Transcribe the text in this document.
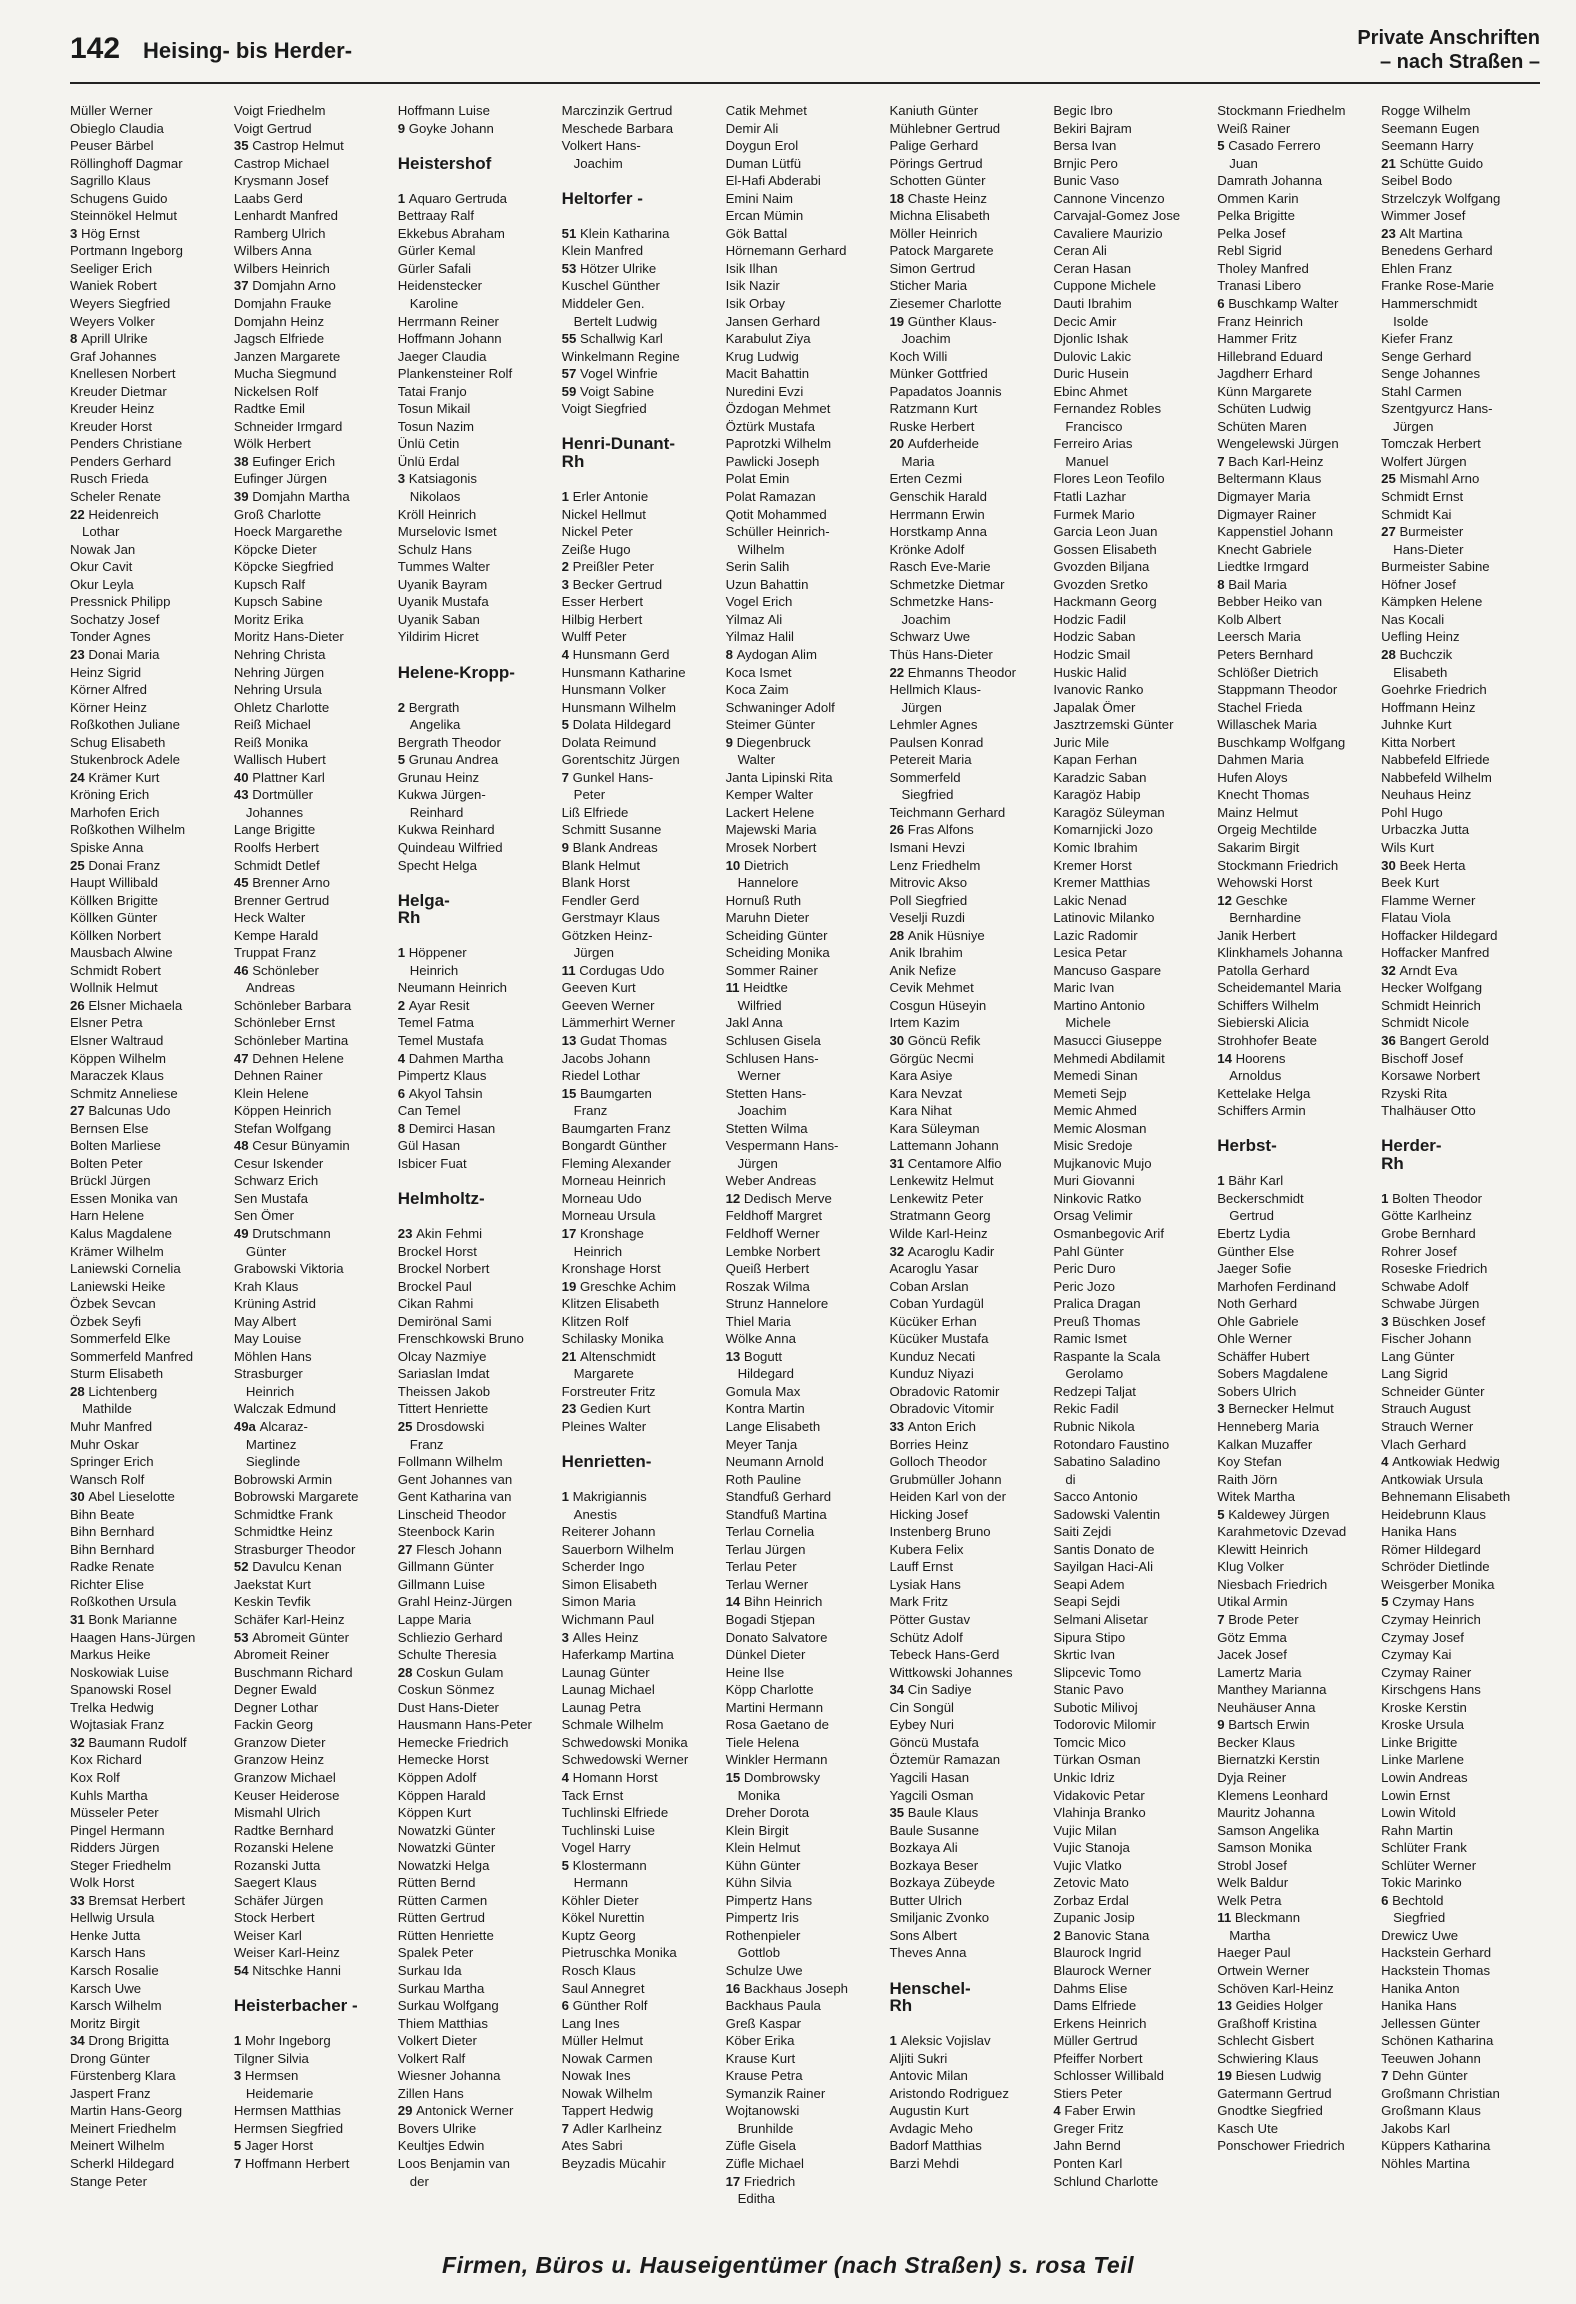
142 Heising- bis Herder-	Private Anschriften
– nach Straßen –
Müller Werner
Obieglo Claudia
Peuser Bärbel
Röllinghoff Dagmar
Sagrillo Klaus
Schugens Guido
Steinnökel Helmut
3 Hög Ernst
Portmann Ingeborg
Seeliger Erich
Waniek Robert
Weyers Siegfried
Weyers Volker
8 Aprill Ulrike
Graf Johannes
Knellesen Norbert
Kreuder Dietmar
Kreuder Heinz
Kreuder Horst
Penders Christiane
Penders Gerhard
Rusch Frieda
Scheler Renate
22 Heidenreich
Lothar
Nowak Jan
Okur Cavit
Okur Leyla
Pressnick Philipp
Sochatzy Josef
Tonder Agnes
23 Donai Maria
Heinz Sigrid
Körner Alfred
Körner Heinz
Roßkothen Juliane
Schug Elisabeth
Stukenbrock Adele
24 Krämer Kurt
Kröning Erich
Marhofen Erich
Roßkothen Wilhelm
Spiske Anna
25 Donai Franz
Haupt Willibald
Köllken Brigitte
Köllken Günter
Köllken Norbert
Mausbach Alwine
Schmidt Robert
Wollnik Helmut
26 Elsner Michaela
Elsner Petra
Elsner Waltraud
Köppen Wilhelm
Maraczek Klaus
Schmitz Anneliese
27 Balcunas Udo
Bernsen Else
Bolten Marliese
Bolten Peter
Brückl Jürgen
Essen Monika van
Harn Helene
Kalus Magdalene
Krämer Wilhelm
Laniewski Cornelia
Laniewski Heike
Özbek Sevcan
Özbek Seyfi
Sommerfeld Elke
Sommerfeld Manfred
Sturm Elisabeth
28 Lichtenberg
Mathilde
Muhr Manfred
Muhr Oskar
Springer Erich
Wansch Rolf
30 Abel Lieselotte
Bihn Beate
Bihn Bernhard
Bihn Bernhard
Radke Renate
Richter Elise
Roßkothen Ursula
31 Bonk Marianne
Haagen Hans-Jürgen
Markus Heike
Noskowiak Luise
Spanowski Rosel
Trelka Hedwig
Wojtasiak Franz
32 Baumann Rudolf
Kox Richard
Kox Rolf
Kuhls Martha
Müsseler Peter
Pingel Hermann
Ridders Jürgen
Steger Friedhelm
Wolk Horst
33 Bremsat Herbert
Hellwig Ursula
Henke Jutta
Karsch Hans
Karsch Rosalie
Karsch Uwe
Karsch Wilhelm
Moritz Birgit
34 Drong Brigitta
Drong Günter
Fürstenberg Klara
Jaspert Franz
Martin Hans-Georg
Meinert Friedhelm
Meinert Wilhelm
Scherkl Hildegard
Stange Peter
Voigt Friedhelm
Voigt Gertrud
35 Castrop Helmut
Castrop Michael
Krysmann Josef
Laabs Gerd
Lenhardt Manfred
Ramberg Ulrich
Wilbers Anna
Wilbers Heinrich
37 Domjahn Arno
Domjahn Frauke
Domjahn Heinz
Jagsch Elfriede
Janzen Margarete
Mucha Siegmund
Nickelsen Rolf
Radtke Emil
Schneider Irmgard
Wölk Herbert
38 Eufinger Erich
Eufinger Jürgen
39 Domjahn Martha
Groß Charlotte
Hoeck Margarethe
Köpcke Dieter
Köpcke Siegfried
Kupsch Ralf
Kupsch Sabine
Moritz Erika
Moritz Hans-Dieter
Nehring Christa
Nehring Jürgen
Nehring Ursula
Ohletz Charlotte
Reiß Michael
Reiß Monika
Wallisch Hubert
40 Plattner Karl
43 Dortmüller
Johannes
Lange Brigitte
Roolfs Herbert
Schmidt Detlef
45 Brenner Arno
Brenner Gertrud
Heck Walter
Kempe Harald
Truppat Franz
46 Schönleber
Andreas
Schönleber Barbara
Schönleber Ernst
Schönleber Martina
47 Dehnen Helene
Dehnen Rainer
Klein Helene
Köppen Heinrich
Stefan Wolfgang
48 Cesur Bünyamin
Cesur Iskender
Schwarz Erich
Sen Mustafa
Sen Ömer
49 Drutschmann
Günter
Grabowski Viktoria
Krah Klaus
Krüning Astrid
May Albert
May Louise
Möhlen Hans
Strasburger
Heinrich
Walczak Edmund
49a Alcaraz-
Martinez
Sieglinde
Bobrowski Armin
Bobrowski Margarete
Schmidtke Frank
Schmidtke Heinz
Strasburger Theodor
52 Davulcu Kenan
Jaekstat Kurt
Keskin Tevfik
Schäfer Karl-Heinz
53 Abromeit Günter
Abromeit Reiner
Buschmann Richard
Degner Ewald
Degner Lothar
Fackin Georg
Granzow Dieter
Granzow Heinz
Granzow Michael
Keuser Heiderose
Mismahl Ulrich
Radtke Bernhard
Rozanski Helene
Rozanski Jutta
Saegert Klaus
Schäfer Jürgen
Stock Herbert
Weiser Karl
Weiser Karl-Heinz
54 Nitschke Hanni
Heisterbacher -
1 Mohr Ingeborg
Tilgner Silvia
3 Hermsen
Heidemarie
Hermsen Matthias
Hermsen Siegfried
5 Jager Horst
7 Hoffmann Herbert
Hoffmann Luise
9 Goyke Johann
Heistershof
1 Aquaro Gertruda
Bettraay Ralf
Ekkebus Abraham
Gürler Kemal
Gürler Safali
Heidenstecker
Karoline
Herrmann Reiner
Hoffmann Johann
Jaeger Claudia
Plankensteiner Rolf
Tatai Franjo
Tosun Mikail
Tosun Nazim
Ünlü Cetin
Ünlü Erdal
3 Katsiagonis
Nikolaos
Kröll Heinrich
Murselovic Ismet
Schulz Hans
Tummes Walter
Uyanik Bayram
Uyanik Mustafa
Uyanik Saban
Yildirim Hicret
Helene-Kropp-
2 Bergrath
Angelika
Bergrath Theodor
5 Grunau Andrea
Grunau Heinz
Kukwa Jürgen-
Reinhard
Kukwa Reinhard
Quindeau Wilfried
Specht Helga
Helga-
Rh
1 Höppener
Heinrich
Neumann Heinrich
2 Ayar Resit
Temel Fatma
Temel Mustafa
4 Dahmen Martha
Pimpertz Klaus
6 Akyol Tahsin
Can Temel
8 Demirci Hasan
Gül Hasan
Isbicer Fuat
Helmholtz-
23 Akin Fehmi
Brockel Horst
Brockel Norbert
Brockel Paul
Cikan Rahmi
Demirönal Sami
Frenschkowski Bruno
Olcay Nazmiye
Sariaslan Imdat
Theissen Jakob
Tittert Henriette
25 Drosdowski
Franz
Follmann Wilhelm
Gent Johannes van
Gent Katharina van
Linscheid Theodor
Steenbock Karin
27 Flesch Johann
Gillmann Günter
Gillmann Luise
Grahl Heinz-Jürgen
Lappe Maria
Schliezio Gerhard
Schulte Theresia
28 Coskun Gulam
Coskun Sönmez
Dust Hans-Dieter
Hausmann Hans-Peter
Hemecke Friedrich
Hemecke Horst
Köppen Adolf
Köppen Harald
Köppen Kurt
Nowatzki Günter
Nowatzki Günter
Nowatzki Helga
Rütten Bernd
Rütten Carmen
Rütten Gertrud
Rütten Henriette
Spalek Peter
Surkau Ida
Surkau Martha
Surkau Wolfgang
Thiem Matthias
Volkert Dieter
Volkert Ralf
Wiesner Johanna
Zillen Hans
29 Antonick Werner
Bovers Ulrike
Keultjes Edwin
Loos Benjamin van
der
Marczinzik Gertrud
Meschede Barbara
Volkert Hans-
Joachim
Heltorfer -
51 Klein Katharina
Klein Manfred
53 Hötzer Ulrike
Kuschel Günther
Middeler Gen.
Bertelt Ludwig
55 Schallwig Karl
Winkelmann Regine
57 Vogel Winfrie
59 Voigt Sabine
Voigt Siegfried
Henri-Dunant-
Rh
1 Erler Antonie
Nickel Hellmut
Nickel Peter
Zeiße Hugo
2 Preißler Peter
3 Becker Gertrud
Esser Herbert
Hilbig Herbert
Wulff Peter
4 Hunsmann Gerd
Hunsmann Katharine
Hunsmann Volker
Hunsmann Wilhelm
5 Dolata Hildegard
Dolata Reimund
Gorentschitz Jürgen
7 Gunkel Hans-
Peter
Liß Elfriede
Schmitt Susanne
9 Blank Andreas
Blank Helmut
Blank Horst
Fendler Gerd
Gerstmayr Klaus
Götzken Heinz-
Jürgen
11 Cordugas Udo
Geeven Kurt
Geeven Werner
Lämmerhirt Werner
13 Gudat Thomas
Jacobs Johann
Riedel Lothar
15 Baumgarten
Franz
Baumgarten Franz
Bongardt Günther
Fleming Alexander
Morneau Heinrich
Morneau Udo
Morneau Ursula
17 Kronshage
Heinrich
Kronshage Horst
19 Greschke Achim
Klitzen Elisabeth
Klitzen Rolf
Schilasky Monika
21 Altenschmidt
Margarete
Forstreuter Fritz
23 Gedien Kurt
Pleines Walter
Henrietten-
1 Makrigiannis
Anestis
Reiterer Johann
Sauerborn Wilhelm
Scherder Ingo
Simon Elisabeth
Simon Maria
Wichmann Paul
3 Alles Heinz
Haferkamp Martina
Launag Günter
Launag Michael
Launag Petra
Schmale Wilhelm
Schwedowski Monika
Schwedowski Werner
4 Homann Horst
Tack Ernst
Tuchlinski Elfriede
Tuchlinski Luise
Vogel Harry
5 Klostermann
Hermann
Köhler Dieter
Kökel Nurettin
Kuptz Georg
Pietruschka Monika
Rosch Klaus
Saul Annegret
6 Günther Rolf
Lang Ines
Müller Helmut
Nowak Carmen
Nowak Ines
Nowak Wilhelm
Tappert Hedwig
7 Adler Karlheinz
Ates Sabri
Beyzadis Mücahir
Catik Mehmet
Demir Ali
Doygun Erol
Duman Lütfü
El-Hafi Abderabi
Emini Naim
Ercan Mümin
Gök Battal
Hörnemann Gerhard
Isik Ilhan
Isik Nazir
Isik Orbay
Jansen Gerhard
Karabulut Ziya
Krug Ludwig
Macit Bahattin
Nuredini Evzi
Özdogan Mehmet
Öztürk Mustafa
Paprotzki Wilhelm
Pawlicki Joseph
Polat Emin
Polat Ramazan
Qotit Mohammed
Schüller Heinrich-
Wilhelm
Serin Salih
Uzun Bahattin
Vogel Erich
Yilmaz Ali
Yilmaz Halil
8 Aydogan Alim
Koca Ismet
Koca Zaim
Schwaninger Adolf
Steimer Günter
9 Diegenbruck
Walter
Janta Lipinski Rita
Kemper Walter
Lackert Helene
Majewski Maria
Mrosek Norbert
10 Dietrich
Hannelore
Hornuß Ruth
Maruhn Dieter
Scheiding Günter
Scheiding Monika
Sommer Rainer
11 Heidtke
Wilfried
Jakl Anna
Schlusen Gisela
Schlusen Hans-
Werner
Stetten Hans-
Joachim
Stetten Wilma
Vespermann Hans-
Jürgen
Weber Andreas
12 Dedisch Merve
Feldhoff Margret
Feldhoff Werner
Lembke Norbert
Queiß Herbert
Roszak Wilma
Strunz Hannelore
Thiel Maria
Wölke Anna
13 Bogutt
Hildegard
Gomula Max
Kontra Martin
Lange Elisabeth
Meyer Tanja
Neumann Arnold
Roth Pauline
Standfuß Gerhard
Standfuß Martina
Terlau Cornelia
Terlau Jürgen
Terlau Peter
Terlau Werner
14 Bihn Heinrich
Bogadi Stjepan
Donato Salvatore
Dünkel Dieter
Heine Ilse
Köpp Charlotte
Martini Hermann
Rosa Gaetano de
Tiele Helena
Winkler Hermann
15 Dombrowsky
Monika
Dreher Dorota
Klein Birgit
Klein Helmut
Kühn Günter
Kühn Silvia
Pimpertz Hans
Pimpertz Iris
Rothenpieler
Gottlob
Schulze Uwe
16 Backhaus Joseph
Backhaus Paula
Greß Kaspar
Köber Erika
Krause Kurt
Krause Petra
Symanzik Rainer
Wojtanowski
Brunhilde
Züfle Gisela
Züfle Michael
17 Friedrich
Editha
Kaniuth Günter
Mühlebner Gertrud
Palige Gerhard
Pörings Gertrud
Schotten Günter
18 Chaste Heinz
Michna Elisabeth
Möller Heinrich
Patock Margarete
Simon Gertrud
Sticher Maria
Ziesemer Charlotte
19 Günther Klaus-
Joachim
Koch Willi
Münker Gottfried
Papadatos Joannis
Ratzmann Kurt
Ruske Herbert
20 Aufderheide
Maria
Erten Cezmi
Genschik Harald
Herrmann Erwin
Horstkamp Anna
Krönke Adolf
Rasch Eve-Marie
Schmetzke Dietmar
Schmetzke Hans-
Joachim
Schwarz Uwe
Thüs Hans-Dieter
22 Ehmanns Theodor
Hellmich Klaus-
Jürgen
Lehmler Agnes
Paulsen Konrad
Petereit Maria
Sommerfeld
Siegfried
Teichmann Gerhard
26 Fras Alfons
Ismani Hevzi
Lenz Friedhelm
Mitrovic Akso
Poll Siegfried
Veselji Ruzdi
28 Anik Hüsniye
Anik Ibrahim
Anik Nefize
Cevik Mehmet
Cosgun Hüseyin
Irtem Kazim
30 Göncü Refik
Görgüc Necmi
Kara Asiye
Kara Nevzat
Kara Nihat
Kara Süleyman
Lattemann Johann
31 Centamore Alfio
Lenkewitz Helmut
Lenkewitz Peter
Stratmann Georg
Wilde Karl-Heinz
32 Acaroglu Kadir
Acaroglu Yasar
Coban Arslan
Coban Yurdagül
Kücüker Erhan
Kücüker Mustafa
Kunduz Necati
Kunduz Niyazi
Obradovic Ratomir
Obradovic Vitomir
33 Anton Erich
Borries Heinz
Golloch Theodor
Grubmüller Johann
Heiden Karl von der
Hicking Josef
Instenberg Bruno
Kubera Felix
Lauff Ernst
Lysiak Hans
Mark Fritz
Pötter Gustav
Schütz Adolf
Tebeck Hans-Gerd
Wittkowski Johannes
34 Cin Sadiye
Cin Songül
Eybey Nuri
Göncü Mustafa
Öztemür Ramazan
Yagcili Hasan
Yagcili Osman
35 Baule Klaus
Baule Susanne
Bozkaya Ali
Bozkaya Beser
Bozkaya Zübeyde
Butter Ulrich
Smiljanic Zvonko
Sons Albert
Theves Anna
Henschel-
Rh
1 Aleksic Vojislav
Aljiti Sukri
Antovic Milan
Aristondo Rodriguez
Augustin Kurt
Avdagic Meho
Badorf Matthias
Barzi Mehdi
Begic Ibro
Bekiri Bajram
Bersa Ivan
Brnjic Pero
Bunic Vaso
Cannone Vincenzo
Carvajal-Gomez Jose
Cavaliere Maurizio
Ceran Ali
Ceran Hasan
Cuppone Michele
Dauti Ibrahim
Decic Amir
Djonlic Ishak
Dulovic Lakic
Duric Husein
Ebinc Ahmet
Fernandez Robles
Francisco
Ferreiro Arias
Manuel
Flores Leon Teofilo
Ftatli Lazhar
Furmek Mario
Garcia Leon Juan
Gossen Elisabeth
Gvozden Biljana
Gvozden Sretko
Hackmann Georg
Hodzic Fadil
Hodzic Saban
Hodzic Smail
Huskic Halid
Ivanovic Ranko
Japalak Ömer
Jasztrzemski Günter
Juric Mile
Kapan Ferhan
Karadzic Saban
Karagöz Habip
Karagöz Süleyman
Komarnjicki Jozo
Komic Ibrahim
Kremer Horst
Kremer Matthias
Lakic Nenad
Latinovic Milanko
Lazic Radomir
Lesica Petar
Mancuso Gaspare
Maric Ivan
Martino Antonio
Michele
Masucci Giuseppe
Mehmedi Abdilamit
Memedi Sinan
Memeti Sejp
Memic Ahmed
Memic Alosman
Misic Sredoje
Mujkanovic Mujo
Muri Giovanni
Ninkovic Ratko
Orsag Velimir
Osmanbegovic Arif
Pahl Günter
Peric Duro
Peric Jozo
Pralica Dragan
Preuß Thomas
Ramic Ismet
Raspante la Scala
Gerolamo
Redzepi Taljat
Rekic Fadil
Rubnic Nikola
Rotondaro Faustino
Sabatino Saladino
di
Sacco Antonio
Sadowski Valentin
Saiti Zejdi
Santis Donato de
Sayilgan Haci-Ali
Seapi Adem
Seapi Sejdi
Selmani Alisetar
Sipura Stipo
Skrtic Ivan
Slipcevic Tomo
Stanic Pavo
Subotic Milivoj
Todorovic Milomir
Tomcic Mico
Türkan Osman
Unkic Idriz
Vidakovic Petar
Vlahinja Branko
Vujic Milan
Vujic Stanoja
Vujic Vlatko
Zetovic Mato
Zorbaz Erdal
Zupanic Josip
2 Banovic Stana
Blaurock Ingrid
Blaurock Werner
Dahms Elise
Dams Elfriede
Erkens Heinrich
Müller Gertrud
Pfeiffer Norbert
Schlosser Willibald
Stiers Peter
4 Faber Erwin
Greger Fritz
Jahn Bernd
Ponten Karl
Schlund Charlotte
Stockmann Friedhelm
Weiß Rainer
5 Casado Ferrero
Juan
Damrath Johanna
Ommen Karin
Pelka Brigitte
Pelka Josef
Rebl Sigrid
Tholey Manfred
Tranasi Libero
6 Buschkamp Walter
Franz Heinrich
Hammer Fritz
Hillebrand Eduard
Jagdherr Erhard
Künn Margarete
Schüten Ludwig
Schüten Maren
Wengelewski Jürgen
7 Bach Karl-Heinz
Beltermann Klaus
Digmayer Maria
Digmayer Rainer
Kappenstiel Johann
Knecht Gabriele
Liedtke Irmgard
8 Bail Maria
Bebber Heiko van
Kolb Albert
Leersch Maria
Peters Bernhard
Schlößer Dietrich
Stappmann Theodor
Stachel Frieda
Willaschek Maria
Buschkamp Wolfgang
Dahmen Maria
Hufen Aloys
Knecht Thomas
Mainz Helmut
Orgeig Mechtilde
Sakarim Birgit
Stockmann Friedrich
Wehowski Horst
12 Geschke
Bernhardine
Janik Herbert
Klinkhamels Johanna
Patolla Gerhard
Scheidemantel Maria
Schiffers Wilhelm
Siebierski Alicia
Strohhofer Beate
14 Hoorens
Arnoldus
Kettelake Helga
Schiffers Armin
Herbst-
1 Bähr Karl
Beckerschmidt
Gertrud
Ebertz Lydia
Günther Else
Jaeger Sofie
Marhofen Ferdinand
Noth Gerhard
Ohle Gabriele
Ohle Werner
Schäffer Hubert
Sobers Magdalene
Sobers Ulrich
3 Bernecker Helmut
Henneberg Maria
Kalkan Muzaffer
Koy Stefan
Raith Jörn
Witek Martha
5 Kaldewey Jürgen
Karahmetovic Dzevad
Klewitt Heinrich
Klug Volker
Niesbach Friedrich
Utikal Armin
7 Brode Peter
Götz Emma
Jacek Josef
Lamertz Maria
Manthey Marianna
Neuhäuser Anna
9 Bartsch Erwin
Becker Klaus
Biernatzki Kerstin
Dyja Reiner
Klemens Leonhard
Mauritz Johanna
Samson Angelika
Samson Monika
Strobl Josef
Welk Baldur
Welk Petra
11 Bleckmann
Martha
Haeger Paul
Ortwein Werner
Schöven Karl-Heinz
13 Geidies Holger
Graßhoff Kristina
Schlecht Gisbert
Schwiering Klaus
19 Biesen Ludwig
Gatermann Gertrud
Gnodtke Siegfried
Kasch Ute
Ponschower Friedrich
Rogge Wilhelm
Seemann Eugen
Seemann Harry
21 Schütte Guido
Seibel Bodo
Strzelczyk Wolfgang
Wimmer Josef
23 Alt Martina
Benedens Gerhard
Ehlen Franz
Franke Rose-Marie
Hammerschmidt
Isolde
Kiefer Franz
Senge Gerhard
Senge Johannes
Stahl Carmen
Szentgyurcz Hans-
Jürgen
Tomczak Herbert
Wolfert Jürgen
25 Mismahl Arno
Schmidt Ernst
Schmidt Kai
27 Burmeister
Hans-Dieter
Burmeister Sabine
Höfner Josef
Kämpken Helene
Nas Kocali
Uefling Heinz
28 Buchczik
Elisabeth
Goehrke Friedrich
Hoffmann Heinz
Juhnke Kurt
Kitta Norbert
Nabbefeld Elfriede
Nabbefeld Wilhelm
Neuhaus Heinz
Pohl Hugo
Urbaczka Jutta
Wils Kurt
30 Beek Herta
Beek Kurt
Flamme Werner
Flatau Viola
Hoffacker Hildegard
Hoffacker Manfred
32 Arndt Eva
Hecker Wolfgang
Schmidt Heinrich
Schmidt Nicole
36 Bangert Gerold
Bischoff Josef
Korsawe Norbert
Rzyski Rita
Thalhäuser Otto
Herder-
Rh
1 Bolten Theodor
Götte Karlheinz
Grobe Bernhard
Rohrer Josef
Roseske Friedrich
Schwabe Adolf
Schwabe Jürgen
3 Büschken Josef
Fischer Johann
Lang Günter
Lang Sigrid
Schneider Günter
Strauch August
Strauch Werner
Vlach Gerhard
4 Antkowiak Hedwig
Antkowiak Ursula
Behnemann Elisabeth
Heidebrunn Klaus
Hanika Hans
Römer Hildegard
Schröder Dietlinde
Weisgerber Monika
5 Czymay Hans
Czymay Heinrich
Czymay Josef
Czymay Kai
Czymay Rainer
Kirschgens Hans
Kroske Kerstin
Kroske Ursula
Linke Brigitte
Linke Marlene
Lowin Andreas
Lowin Ernst
Lowin Witold
Rahn Martin
Schlüter Frank
Schlüter Werner
Tokic Marinko
6 Bechtold
Siegfried
Drewicz Uwe
Hackstein Gerhard
Hackstein Thomas
Hanika Anton
Hanika Hans
Jellessen Günter
Schönen Katharina
Teeuwen Johann
7 Dehn Günter
Großmann Christian
Großmann Klaus
Jakobs Karl
Küppers Katharina
Nöhles Martina
Firmen, Büros u. Hauseigentümer (nach Straßen) s. rosa Teil
